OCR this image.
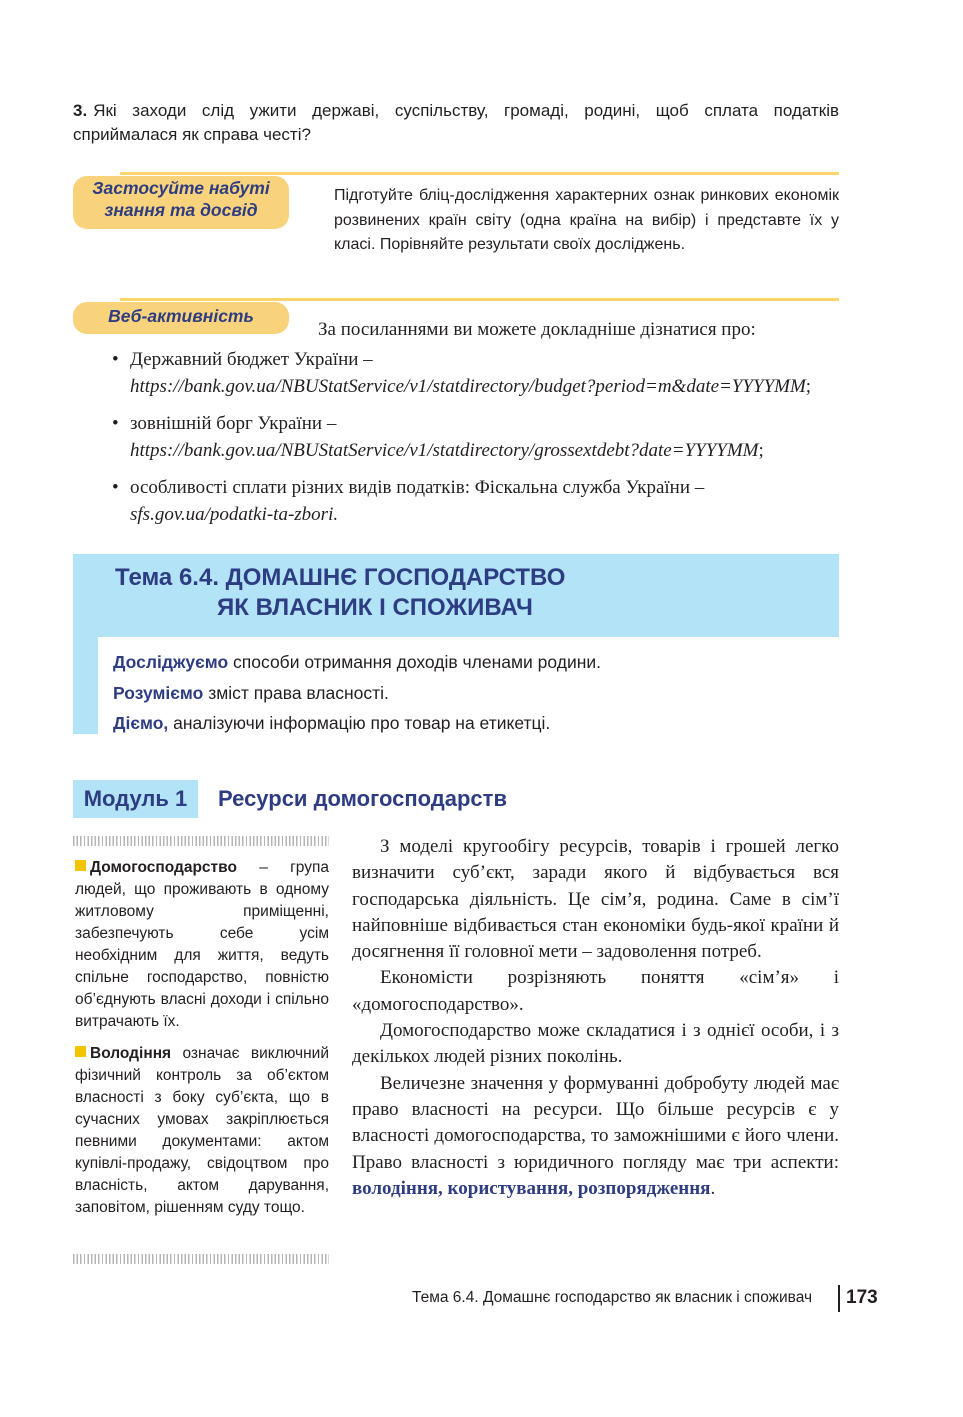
3. Які заходи слід ужити державі, суспільству, громаді, родині, щоб сплата податків сприймалася як справа честі?
Застосуйте набуті
знання та досвід
Підготуйте бліц-дослідження характерних ознак ринкових економік розвинених країн світу (одна країна на вибір) і представте їх у класі. Порівняйте результати своїх досліджень.
Веб-активність
За посиланнями ви можете докладніше дізнатися про:
• Державний бюджет України – https://bank.gov.ua/NBUStatService/v1/statdirectory/budget?period=m&date=YYYYMM;
• зовнішній борг України – https://bank.gov.ua/NBUStatService/v1/statdirectory/grossextdebt?date=YYYYMM;
• особливості сплати різних видів податків: Фіскальна служба України – sfs.gov.ua/podatki-ta-zbori.
Тема 6.4. ДОМАШНЄ ГОСПОДАРСТВО
ЯК ВЛАСНИК І СПОЖИВАЧ
Досліджуємо способи отримання доходів членами родини.
Розуміємо зміст права власності.
Діємо, аналізуючи інформацію про товар на етикетці.
Модуль 1	Ресурси домогосподарств
Домогосподарство – група людей, що проживають в одному житловому приміщенні, забезпечують себе усім необхідним для життя, ведуть спільне господарство, повністю об’єднують власні доходи і спільно витрачають їх.
Володіння означає виключний фізичний контроль за об’єктом власності з боку суб’єкта, що в сучасних умовах закріплюється певними документами: актом купівлі-продажу, свідоцтвом про власність, актом дарування, заповітом, рішенням суду тощо.

З моделі кругообігу ресурсів, товарів і грошей легко визначити суб’єкт, заради якого й відбувається вся господарська діяльність. Це сім’я, родина. Саме в сім’ї найповніше відбивається стан економіки будь-якої країни й досягнення її головної мети – задоволення потреб.

Економісти розрізняють поняття «сім’я» і «домогосподарство».

Домогосподарство може складатися і з однієї особи, і з декількох людей різних поколінь.

Величезне значення у формуванні добробуту людей має право власності на ресурси. Що більше ресурсів є у власності домогосподарства, то заможнішими є його члени. Право власності з юридичного погляду має три аспекти: володіння, користування, розпорядження.

Тема 6.4. Домашнє господарство як власник і споживач 173
